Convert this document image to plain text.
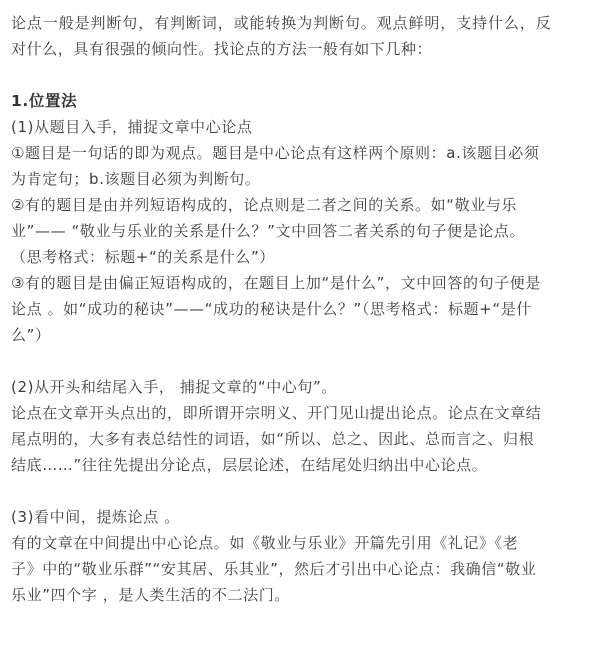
论点一般是判断句，有判断词，或能转换为判断句。观点鲜明，支持什么，反
对什么，具有很强的倾向性。找论点的方法一般有如下几种：
1.位置法
(1)从题目入手，捕捉文章中心论点
①题目是一句话的即为观点。题目是中心论点有这样两个原则：a.该题目必须
为肯定句；b.该题目必须为判断句。
②有的题目是由并列短语构成的，论点则是二者之间的关系。如“敬业与乐
业”—— “敬业与乐业的关系是什么？”文中回答二者关系的句子便是论点。
（思考格式：标题+“的关系是什么”）
③有的题目是由偏正短语构成的，在题目上加“是什么”，文中回答的句子便是
论点 。如“成功的秘诀”——“成功的秘诀是什么？”（思考格式：标题+“是什
么”）
(2)从开头和结尾入手， 捕捉文章的“中心句”。
论点在文章开头点出的，即所谓开宗明义、开门见山提出论点。论点在文章结
尾点明的，大多有表总结性的词语，如“所以、总之、因此、总而言之、归根
结底……”往往先提出分论点，层层论述，在结尾处归纳出中心论点。
(3)看中间，提炼论点 。
有的文章在中间提出中心论点。如《敬业与乐业》开篇先引用《礼记》《老
子》中的“敬业乐群”“安其居、乐其业”，然后才引出中心论点：我确信“敬业
乐业”四个字 ，是人类生活的不二法门。
